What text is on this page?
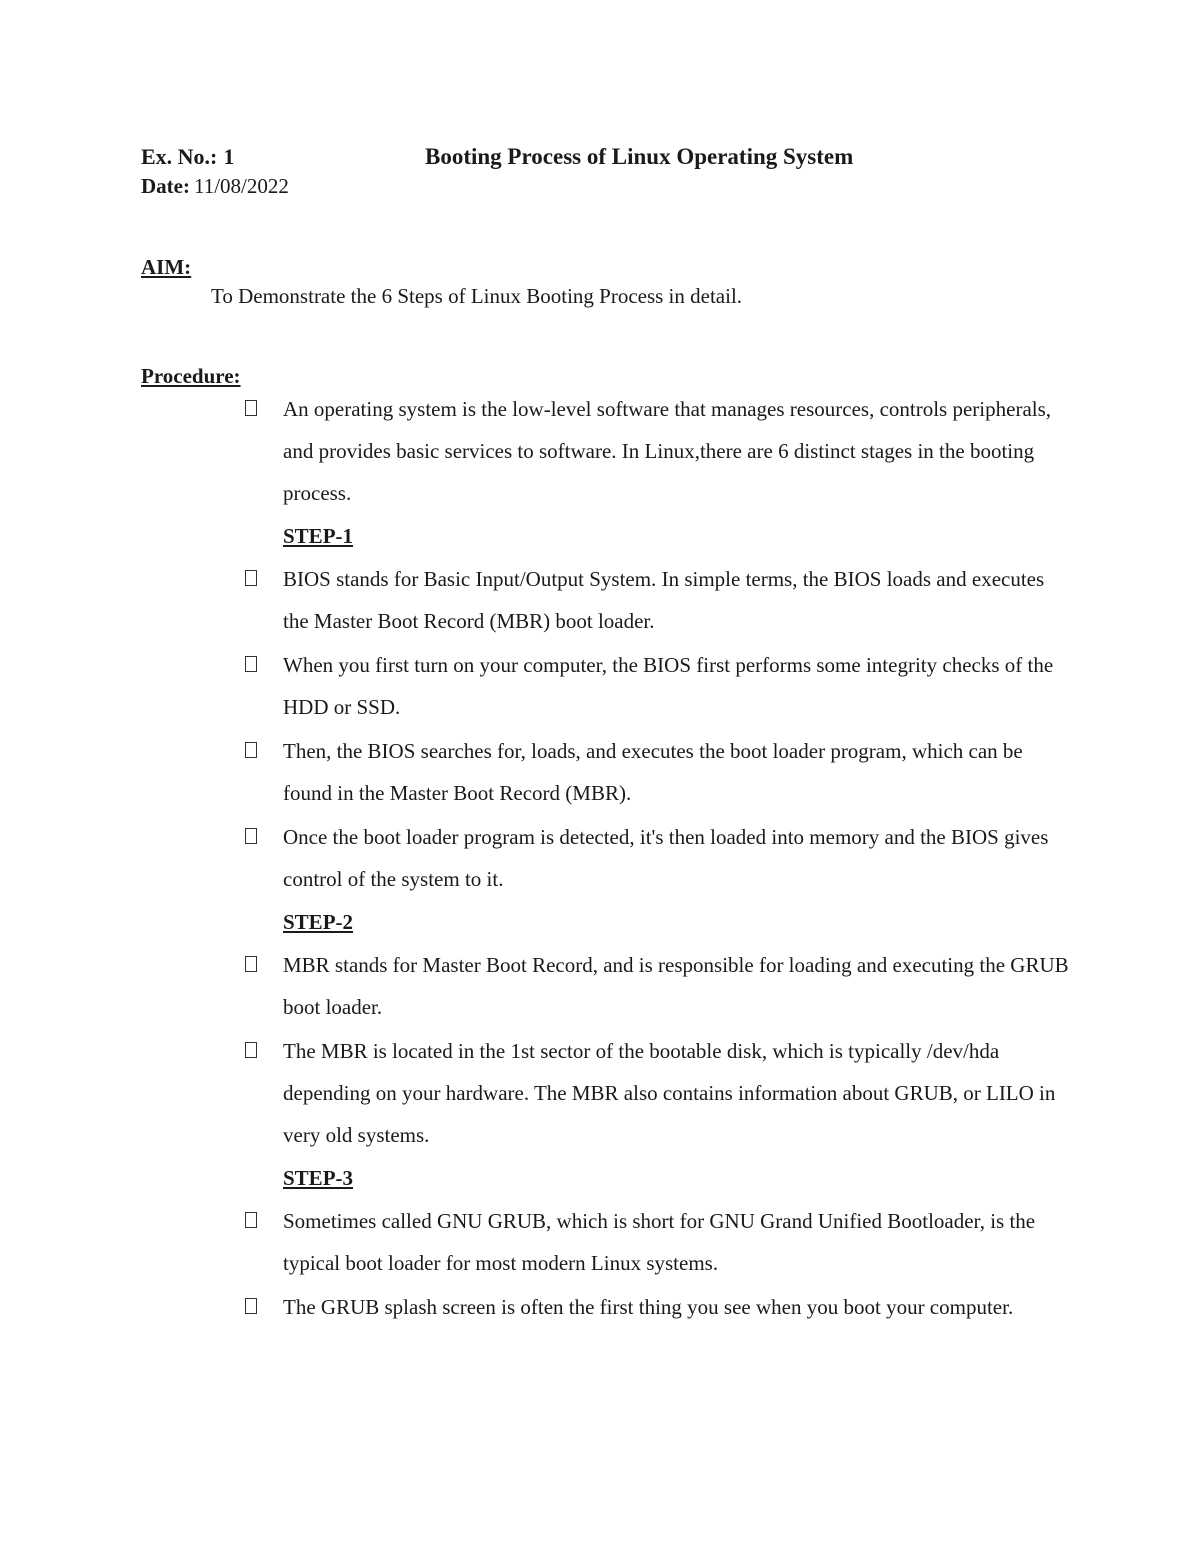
Ex. No.: 1	Booting Process of Linux Operating System
Date: 11/08/2022
AIM:
To Demonstrate the 6 Steps of Linux Booting Process in detail.
Procedure:
An operating system is the low-level software that manages resources, controls peripherals, and provides basic services to software. In Linux,there are 6 distinct stages in the booting process.
STEP-1
BIOS stands for Basic Input/Output System. In simple terms, the BIOS loads and executes the Master Boot Record (MBR) boot loader.
When you first turn on your computer, the BIOS first performs some integrity checks of the HDD or SSD.
Then, the BIOS searches for, loads, and executes the boot loader program, which can be found in the Master Boot Record (MBR).
Once the boot loader program is detected, it's then loaded into memory and the BIOS gives control of the system to it.
STEP-2
MBR stands for Master Boot Record, and is responsible for loading and executing the GRUB boot loader.
The MBR is located in the 1st sector of the bootable disk, which is typically /dev/hda depending on your hardware. The MBR also contains information about GRUB, or LILO in very old systems.
STEP-3
Sometimes called GNU GRUB, which is short for GNU Grand Unified Bootloader, is the typical boot loader for most modern Linux systems.
The GRUB splash screen is often the first thing you see when you boot your computer.
